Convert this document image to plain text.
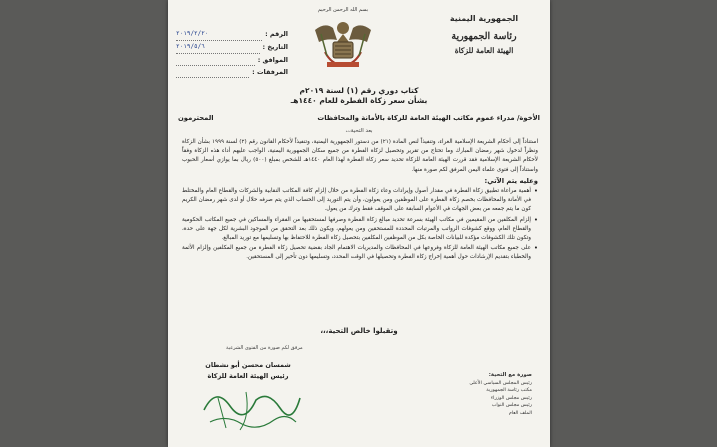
الجمهورية اليمنية
رئاسة الجمهورية
الهيئة العامة للزكاة
بسم الله الرحمن الرحيم
الرقم :
٢٠١٩/٢/٢٠
التاريخ :
٢٠١٩/٥/٦
الموافق :
المرفقات :
كتاب دوري رقم (١) لسنة ٢٠١٩م
بشأن سعر زكاة الفطرة للعام ١٤٤٠هـ
الأخوة/ مدراء عموم مكاتب الهيئة العامة للزكاة بالأمانة والمحافظات
المحترمون
بعد التحية،،،

استناداً إلى أحكام الشريعة الإسلامية الغراء، وتنفيذاً لنص المادة (٢١) من دستور الجمهورية اليمنية، وتنفيذاً لأحكام القانون رقم (٢) لسنة ١٩٩٩ بشأن الزكاة ونظراً لدخول شهر رمضان المبارك وما تحتاج من تقرير وتحصيل لزكاة الفطرة من جميع سكان الجمهورية اليمنية، الواجب عليهم أداء هذه الزكاة وفقاً لأحكام الشريعة الإسلامية فقد قررت الهيئة العامة للزكاة تحديد سعر زكاة الفطرة لهذا العام ١٤٤٠هـ للشخص بمبلغ (٥٠٠) ريال بما يوازي أسعار الحبوب واستناداً إلى فتوى علماء اليمن المرفق لكم صورة منها.

وعليه يتم الآتي:

• أهمية مراعاة تطبيق زكاة الفطرة في مقدار أصول وإيرادات وعاء زكاة الفطرة من خلال إلزام كافة المكاتب النقابية والشركات والقطاع العام والمختلط في الأمانة والمحافظات بخصم زكاة الفطرة على الموظفين ومن يعولون، وأن يتم التوريد إلى الحساب الذي يتم صرفه حلال أو لدى شهر رمضان الكريم كون ما يتم جمعه من بعض الجهات في الأعوام السابقة على الموقف فقط وترك من يعول.

• إلزام المكلفين من المقيمين في مكاتب الهيئة بسرعة تحديد مبالغ زكاة الفطرة وصرفها لمستحقيها من الفقراء والمساكين في جميع المكاتب الحكومية والقطاع العام، ووقع كشوفات الرواتب والمرتبات المحددة للمستحقين ومن يعولهم، ويكون ذلك بعد التحقق من الموجود البشرية لكل جهة على حدة، وتكون تلك الكشوفات مؤكدة للبيانات الخاصة بكل من الموظفين المكلفين بتحصيل زكاة الفطرة للاحتفاظ بها وتسليمها مع توريد المبالغ.

• على جميع مكاتب الهيئة العامة للزكاة وفروعها في المحافظات والمديريات الاهتمام الجاد بقضية تحصيل زكاة الفطرة من جميع المكلفين وإلزام الأئمة والخطباء بتقديم الإرشادات حول أهمية إخراج زكاة الفطرة وتحصيلها في الوقت المحدد، وتسليمها دون تأخير إلى المستحقين.

وتقبلوا خالص التحية،،،
مرفق لكم صورة من الفتوى الشرعية
شمسان محسن أبو نشطان
رئيس الهيئة العامة للزكاة	صورة مع التحية:
رئيس المجلس السياسي الأعلى
مكتب رئاسة الجمهورية
رئيس مجلس الوزراء
رئيس مجلس النواب
الملف العام
